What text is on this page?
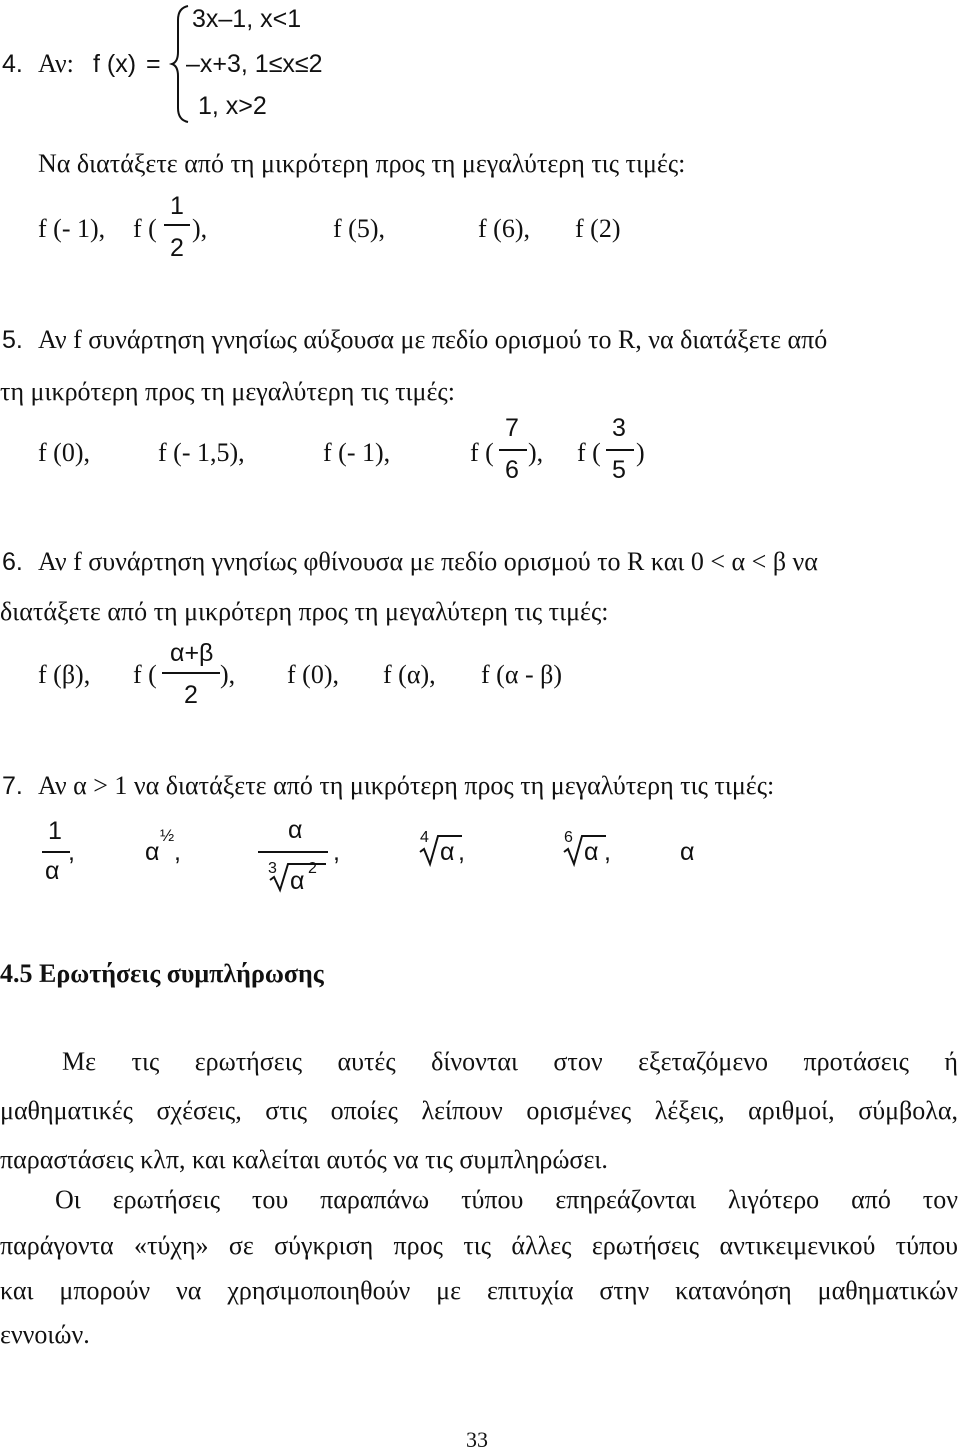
4. Αν: f (x) =
3x–1, x<1
–x+3, 1≤x≤2
1, x>2
Να διατάξετε από τη μικρότερη προς τη μεγαλύτερη τις τιμές:
f (- 1), f (
1
2
),	f (5),	f (6), f (2)
5. Αν f συνάρτηση γνησίως αύξουσα με πεδίο ορισμού το R, να διατάξετε από
τη μικρότερη προς τη μεγαλύτερη τις τιμές:
f (0),	f (- 1,5),	f (- 1),	f (
7
6
), f (
3
5
)
6. Αν f συνάρτηση γνησίως φθίνουσα με πεδίο ορισμού το R και 0 < α < β να
διατάξετε από τη μικρότερη προς τη μεγαλύτερη τις τιμές:
f (β), f (
α+β
2
), f (0), f (α), f (α - β)
7. Αν α > 1 να διατάξετε από τη μικρότερη προς τη μεγαλύτερη τις τιμές:
1
α
,	α
½
,
α
3 α 2
,
4
α ,
6
α ,	α
4.5 Ερωτήσεις συμπλήρωσης
Με τις ερωτήσεις αυτές δίνονται στον εξεταζόμενο προτάσεις ή
μαθηματικές σχέσεις, στις οποίες λείπουν ορισμένες λέξεις, αριθμοί, σύμβολα,
παραστάσεις κλπ, και καλείται αυτός να τις συμπληρώσει.
Οι ερωτήσεις του παραπάνω τύπου επηρεάζονται λιγότερο από τον
παράγοντα «τύχη» σε σύγκριση προς τις άλλες ερωτήσεις αντικειμενικού τύπου
και μπορούν να χρησιμοποιηθούν με επιτυχία στην κατανόηση μαθηματικών
εννοιών.
33
